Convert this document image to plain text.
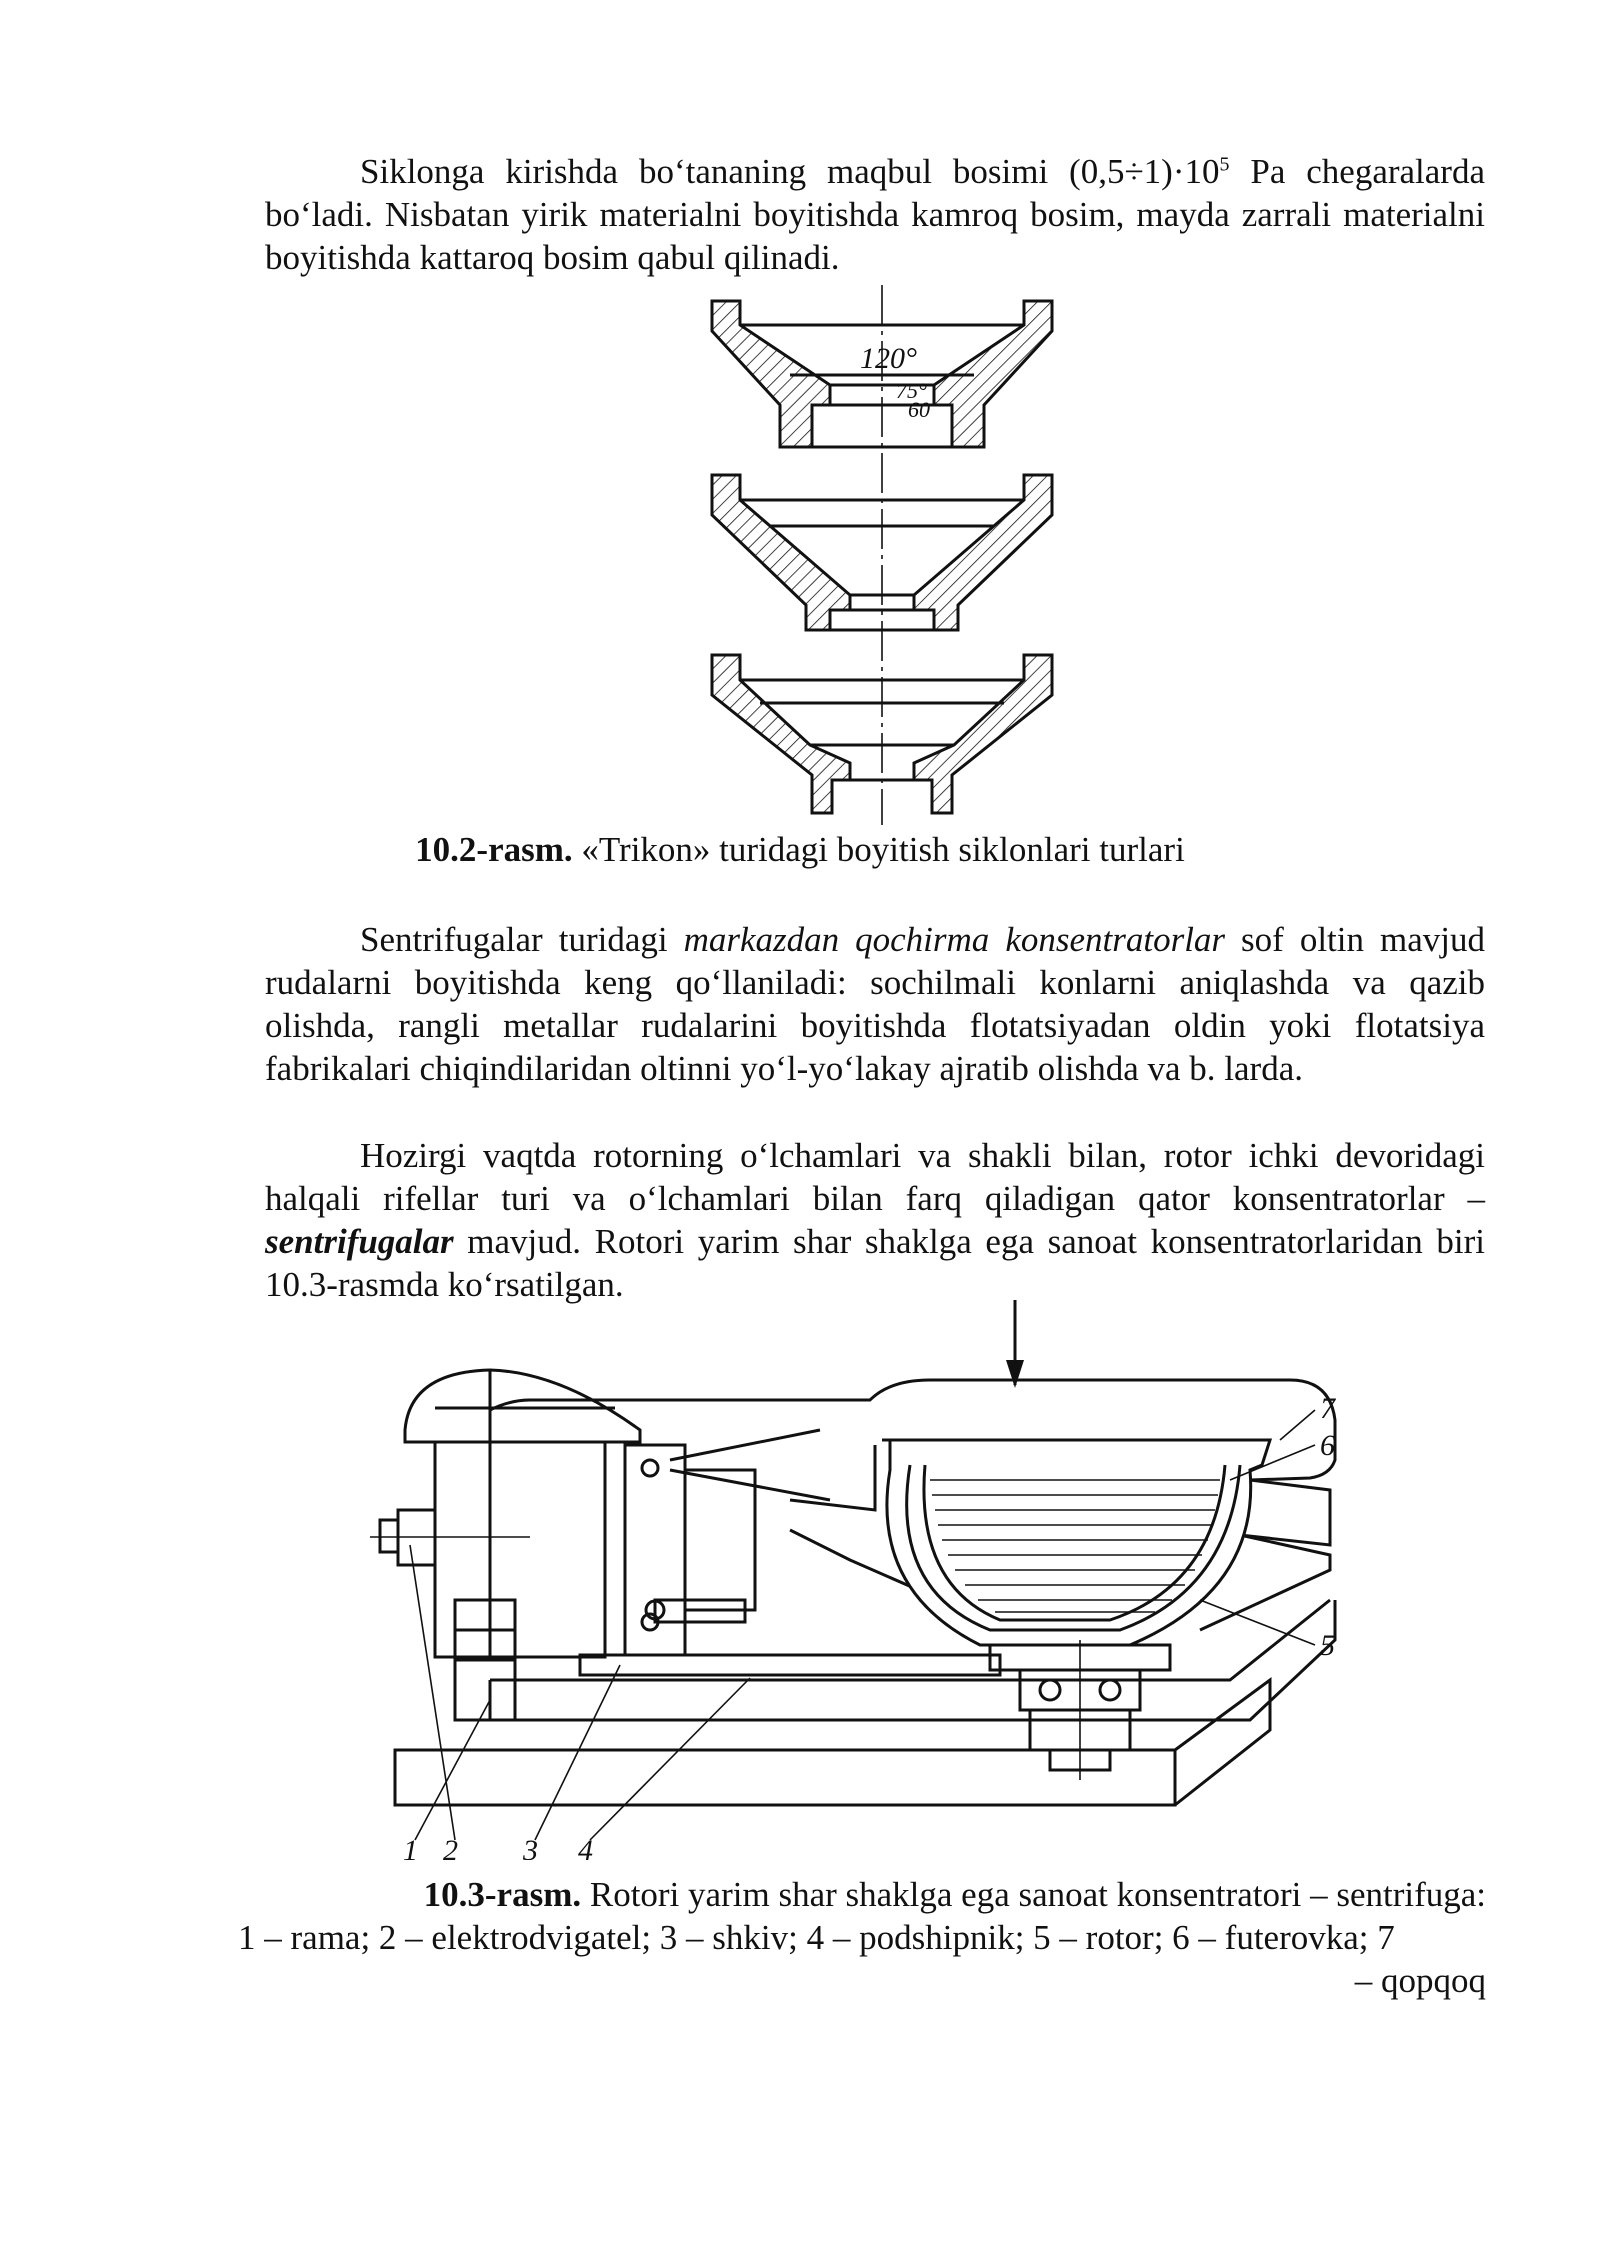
Siklonga kirishda bo‘tananing maqbul bosimi $(0,5\div 1)\cdot 10^5$ Pa chegaralarda bo‘ladi. Nisbatan yirik materialni boyitishda kamroq bosim, mayda zarrali materialni boyitishda kattaroq bosim qabul qilinadi.

120°
75°
60

10.2-rasm. «Trikon» turidagi boyitish siklonlari turlari

Sentrifugalar turidagi markazdan qochirma konsentratorlar sof oltin mavjud rudalarni boyitishda keng qo‘llaniladi: sochilmali konlarni aniqlashda va qazib olishda, rangli metallar rudalarini boyitishda flotatsiyadan oldin yoki flotatsiya fabrikalari chiqindilaridan oltinni yo‘l-yo‘lakay ajratib olishda va b. larda.

Hozirgi vaqtda rotorning o‘lchamlari va shakli bilan, rotor ichki devoridagi halqali rifellar turi va o‘lchamlari bilan farq qiladigan qator konsentratorlar – sentrifugalar mavjud. Rotori yarim shar shaklga ega sanoat konsentratorlaridan biri 10.3-rasmda ko‘rsatilgan.

1 2 3 4
5
6
7

10.3-rasm. Rotori yarim shar shaklga ega sanoat konsentratori – sentrifuga:
1 – rama; 2 – elektrodvigatel; 3 – shkiv; 4 – podshipnik; 5 – rotor; 6 – futerovka; 7
– qopqoq
